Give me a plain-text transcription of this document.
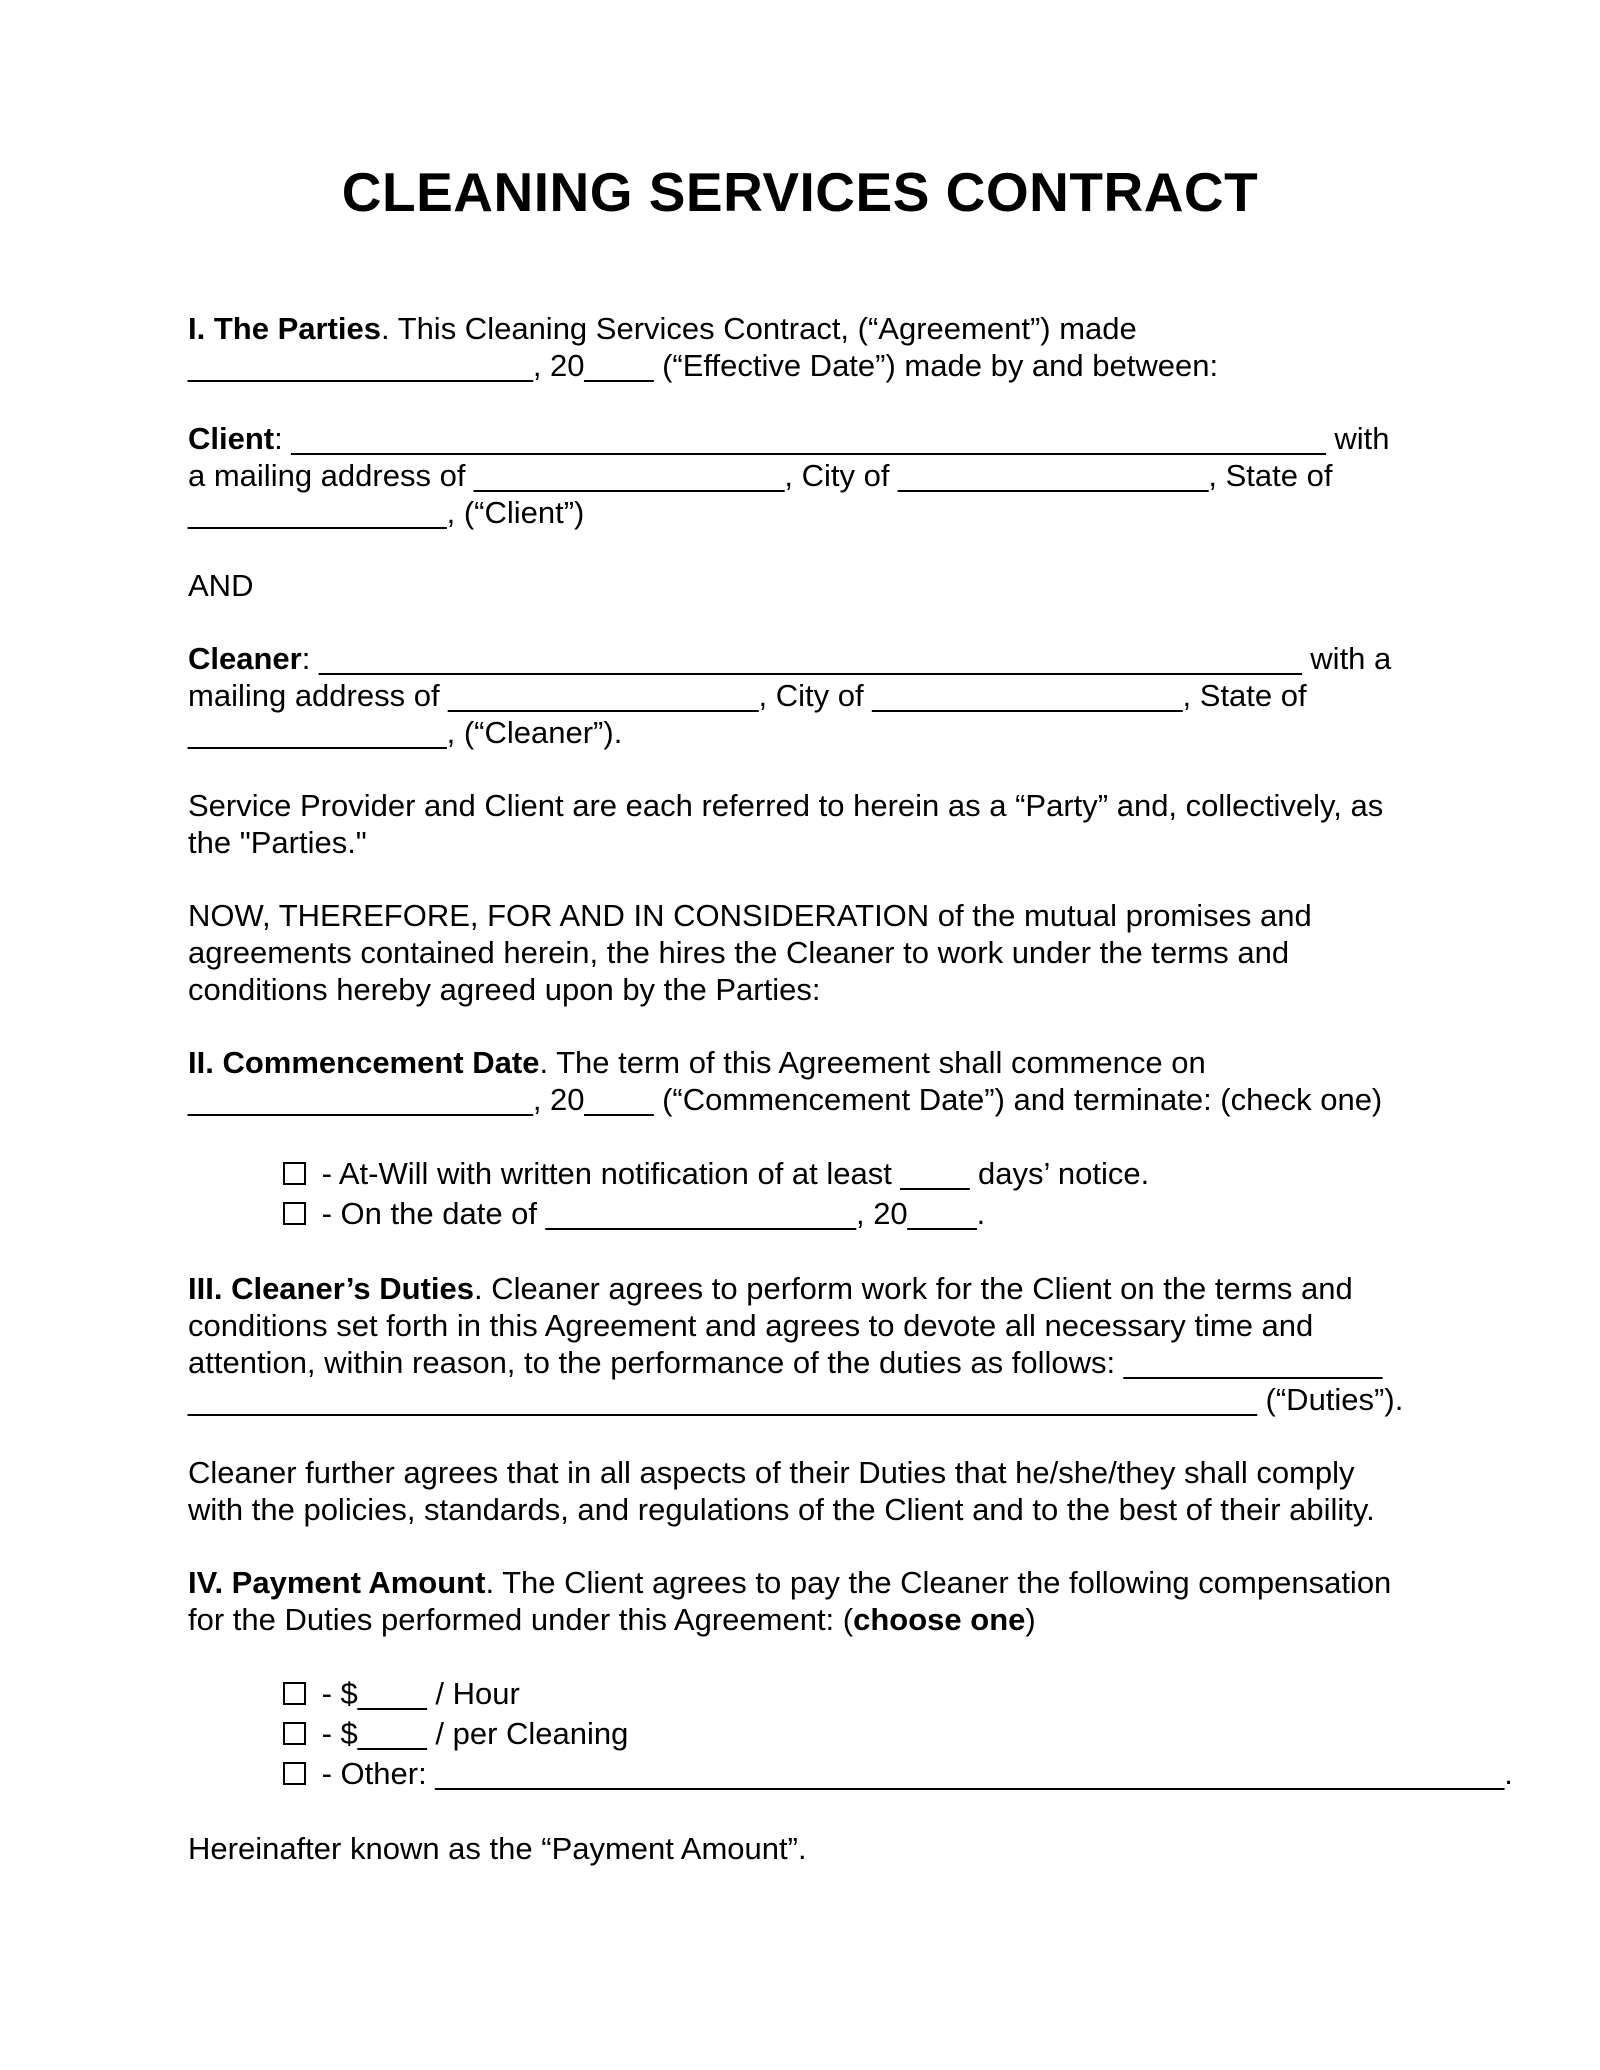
CLEANING SERVICES CONTRACT
I. The Parties. This Cleaning Services Contract, (“Agreement”) made
____________________, 20____ (“Effective Date”) made by and between:
Client: ____________________________________________________________ with
a mailing address of __________________, City of __________________, State of
_______________, (“Client”)
AND
Cleaner: _________________________________________________________ with a
mailing address of __________________, City of __________________, State of
_______________, (“Cleaner”).
Service Provider and Client are each referred to herein as a “Party” and, collectively, as
the "Parties."
NOW, THEREFORE, FOR AND IN CONSIDERATION of the mutual promises and
agreements contained herein, the hires the Cleaner to work under the terms and
conditions hereby agreed upon by the Parties:
II. Commencement Date. The term of this Agreement shall commence on
____________________, 20____ (“Commencement Date”) and terminate: (check one)
- At-Will with written notification of at least ____ days’ notice.
- On the date of __________________, 20____.
III. Cleaner’s Duties. Cleaner agrees to perform work for the Client on the terms and
conditions set forth in this Agreement and agrees to devote all necessary time and
attention, within reason, to the performance of the duties as follows: _______________
______________________________________________________________ (“Duties”).
Cleaner further agrees that in all aspects of their Duties that he/she/they shall comply
with the policies, standards, and regulations of the Client and to the best of their ability.
IV. Payment Amount. The Client agrees to pay the Cleaner the following compensation
for the Duties performed under this Agreement: (choose one)
- $____ / Hour
- $____ / per Cleaning
- Other: ______________________________________________________________.
Hereinafter known as the “Payment Amount”.
